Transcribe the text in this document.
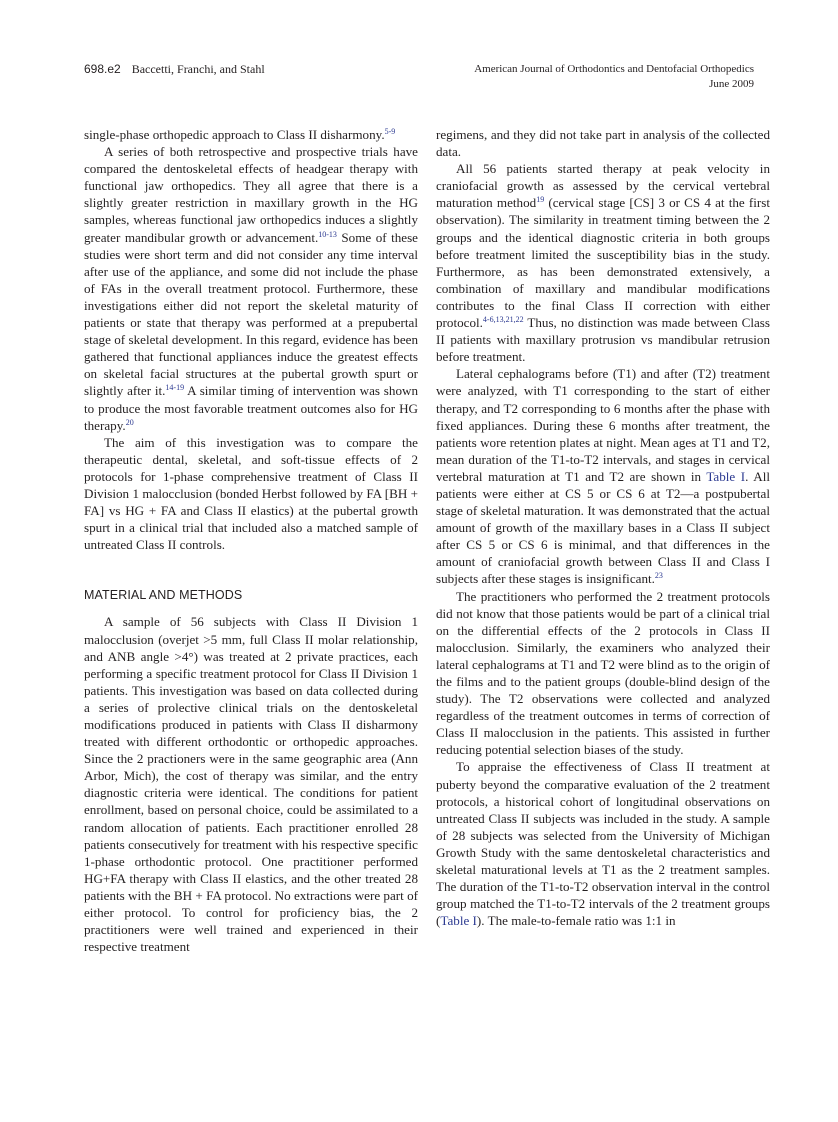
698.e2 Baccetti, Franchi, and Stahl	American Journal of Orthodontics and Dentofacial Orthopedics
June 2009

single-phase orthopedic approach to Class II disharmony.$^{5-9}$

A series of both retrospective and prospective trials have compared the dentoskeletal effects of headgear therapy with functional jaw orthopedics. They all agree that there is a slightly greater restriction in maxillary growth in the HG samples, whereas functional jaw orthopedics induces a slightly greater mandibular growth or advancement.$^{10-13}$ Some of these studies were short term and did not consider any time interval after use of the appliance, and some did not include the phase of FAs in the overall treatment protocol. Furthermore, these investigations either did not report the skeletal maturity of patients or state that therapy was performed at a prepubertal stage of skeletal development. In this regard, evidence has been gathered that functional appliances induce the greatest effects on skeletal facial structures at the pubertal growth spurt or slightly after it.$^{14-19}$ A similar timing of intervention was shown to produce the most favorable treatment outcomes also for HG therapy.$^{20}$

The aim of this investigation was to compare the therapeutic dental, skeletal, and soft-tissue effects of 2 protocols for 1-phase comprehensive treatment of Class II Division 1 malocclusion (bonded Herbst followed by FA [BH + FA] vs HG + FA and Class II elastics) at the pubertal growth spurt in a clinical trial that included also a matched sample of untreated Class II controls.

MATERIAL AND METHODS

A sample of 56 subjects with Class II Division 1 malocclusion (overjet >5 mm, full Class II molar relationship, and ANB angle >4°) was treated at 2 private practices, each performing a specific treatment protocol for Class II Division 1 patients. This investigation was based on data collected during a series of prolective clinical trials on the dentoskeletal modifications produced in patients with Class II disharmony treated with different orthodontic or orthopedic approaches. Since the 2 practioners were in the same geographic area (Ann Arbor, Mich), the cost of therapy was similar, and the entry diagnostic criteria were identical. The conditions for patient enrollment, based on personal choice, could be assimilated to a random allocation of patients. Each practitioner enrolled 28 patients consecutively for treatment with his respective specific 1-phase orthodontic protocol. One practitioner performed HG+FA therapy with Class II elastics, and the other treated 28 patients with the BH + FA protocol. No extractions were part of either protocol. To control for proficiency bias, the 2 practitioners were well trained and experienced in their respective treatment

regimens, and they did not take part in analysis of the collected data.

All 56 patients started therapy at peak velocity in craniofacial growth as assessed by the cervical vertebral maturation method$^{19}$ (cervical stage [CS] 3 or CS 4 at the first observation). The similarity in treatment timing between the 2 groups and the identical diagnostic criteria in both groups before treatment limited the susceptibility bias in the study. Furthermore, as has been demonstrated extensively, a combination of maxillary and mandibular modifications contributes to the final Class II correction with either protocol.$^{4-6,13,21,22}$ Thus, no distinction was made between Class II patients with maxillary protrusion vs mandibular retrusion before treatment.

Lateral cephalograms before (T1) and after (T2) treatment were analyzed, with T1 corresponding to the start of either therapy, and T2 corresponding to 6 months after the phase with fixed appliances. During these 6 months after treatment, the patients wore retention plates at night. Mean ages at T1 and T2, mean duration of the T1-to-T2 intervals, and stages in cervical vertebral maturation at T1 and T2 are shown in Table I. All patients were either at CS 5 or CS 6 at T2—a postpubertal stage of skeletal maturation. It was demonstrated that the actual amount of growth of the maxillary bases in a Class II subject after CS 5 or CS 6 is minimal, and that differences in the amount of craniofacial growth between Class II and Class I subjects after these stages is insignificant.$^{23}$

The practitioners who performed the 2 treatment protocols did not know that those patients would be part of a clinical trial on the differential effects of the 2 protocols in Class II malocclusion. Similarly, the examiners who analyzed their lateral cephalograms at T1 and T2 were blind as to the origin of the films and to the patient groups (double-blind design of the study). The T2 observations were collected and analyzed regardless of the treatment outcomes in terms of correction of Class II malocclusion in the patients. This assisted in further reducing potential selection biases of the study.

To appraise the effectiveness of Class II treatment at puberty beyond the comparative evaluation of the 2 treatment protocols, a historical cohort of longitudinal observations on untreated Class II subjects was included in the study. A sample of 28 subjects was selected from the University of Michigan Growth Study with the same dentoskeletal characteristics and skeletal maturational levels at T1 as the 2 treatment samples. The duration of the T1-to-T2 observation interval in the control group matched the T1-to-T2 intervals of the 2 treatment groups (Table I). The male-to-female ratio was 1:1 in
